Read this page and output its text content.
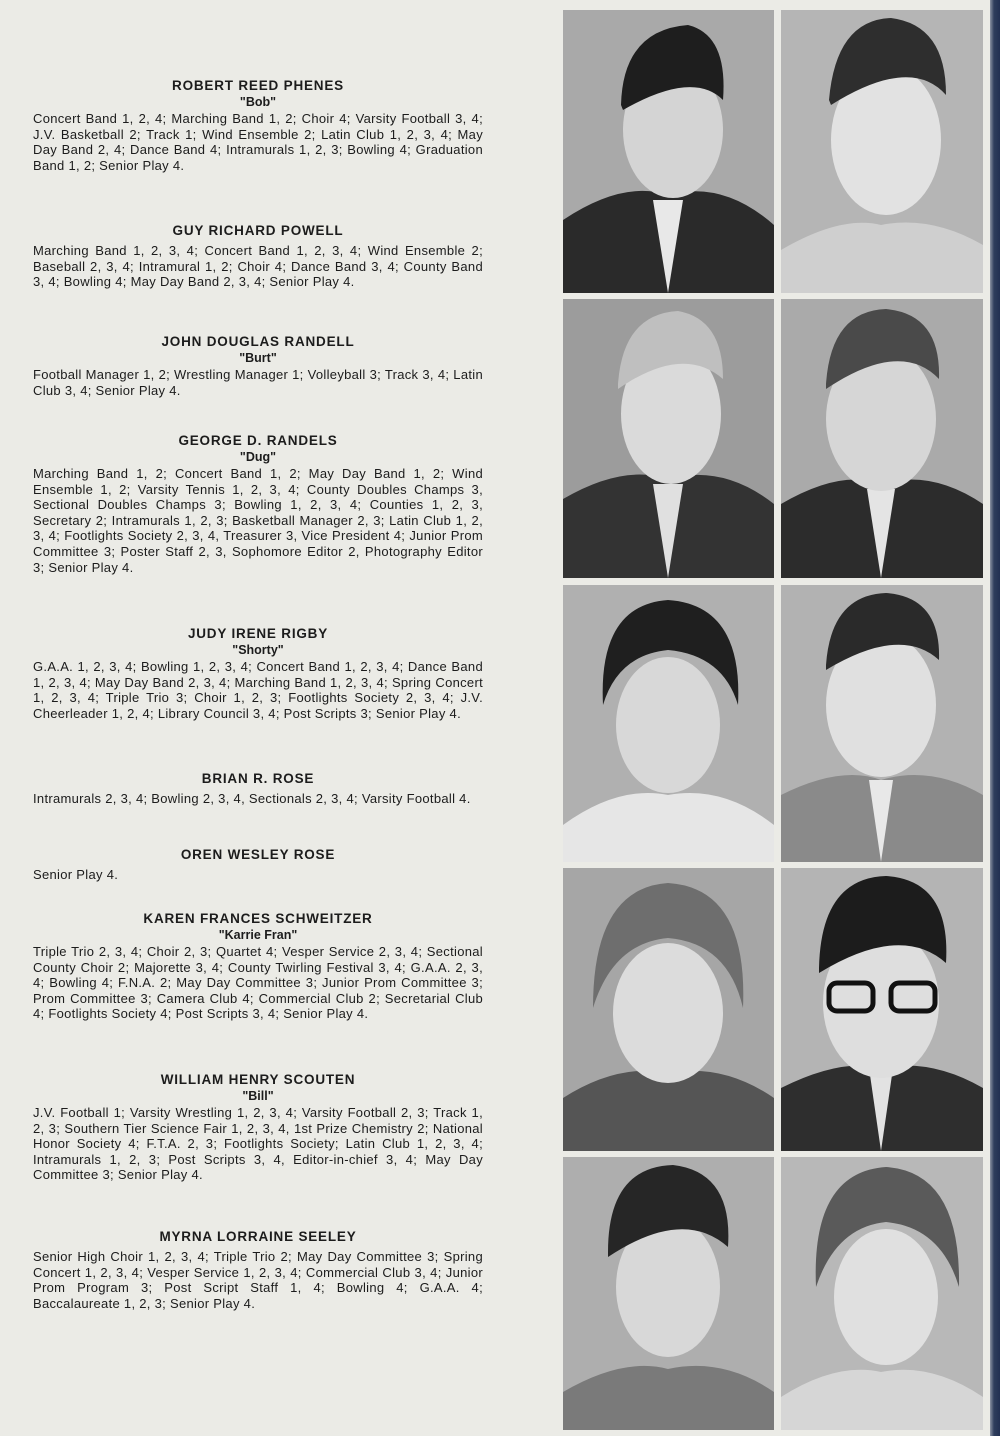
ROBERT REED PHENES
"Bob"
Concert Band 1, 2, 4; Marching Band 1, 2; Choir 4; Varsity Football 3, 4; J.V. Basketball 2; Track 1; Wind Ensemble 2; Latin Club 1, 2, 3, 4; May Day Band 2, 4; Dance Band 4; Intramurals 1, 2, 3; Bowling 4; Graduation Band 1, 2; Senior Play 4.
GUY RICHARD POWELL
Marching Band 1, 2, 3, 4; Concert Band 1, 2, 3, 4; Wind Ensemble 2; Baseball 2, 3, 4; Intramural 1, 2; Choir 4; Dance Band 3, 4; County Band 3, 4; Bowling 4; May Day Band 2, 3, 4; Senior Play 4.
JOHN DOUGLAS RANDELL
"Burt"
Football Manager 1, 2; Wrestling Manager 1; Volleyball 3; Track 3, 4; Latin Club 3, 4; Senior Play 4.
GEORGE D. RANDELS
"Dug"
Marching Band 1, 2; Concert Band 1, 2; May Day Band 1, 2; Wind Ensemble 1, 2; Varsity Tennis 1, 2, 3, 4; County Doubles Champs 3, Sectional Doubles Champs 3; Bowling 1, 2, 3, 4; Counties 1, 2, 3, Secretary 2; Intramurals 1, 2, 3; Basketball Manager 2, 3; Latin Club 1, 2, 3, 4; Footlights Society 2, 3, 4, Treasurer 3, Vice President 4; Junior Prom Committee 3; Poster Staff 2, 3, Sophomore Editor 2, Photography Editor 3; Senior Play 4.
JUDY IRENE RIGBY
"Shorty"
G.A.A. 1, 2, 3, 4; Bowling 1, 2, 3, 4; Concert Band 1, 2, 3, 4; Dance Band 1, 2, 3, 4; May Day Band 2, 3, 4; Marching Band 1, 2, 3, 4; Spring Concert 1, 2, 3, 4; Triple Trio 3; Choir 1, 2, 3; Footlights Society 2, 3, 4; J.V. Cheerleader 1, 2, 4; Library Council 3, 4; Post Scripts 3; Senior Play 4.
BRIAN R. ROSE
Intramurals 2, 3, 4; Bowling 2, 3, 4, Sectionals 2, 3, 4; Varsity Football 4.
OREN WESLEY ROSE
Senior Play 4.
KAREN FRANCES SCHWEITZER
"Karrie Fran"
Triple Trio 2, 3, 4; Choir 2, 3; Quartet 4; Vesper Service 2, 3, 4; Sectional County Choir 2; Majorette 3, 4; County Twirling Festival 3, 4; G.A.A. 2, 3, 4; Bowling 4; F.N.A. 2; May Day Committee 3; Junior Prom Committee 3; Prom Committee 3; Camera Club 4; Commercial Club 2; Secretarial Club 4; Footlights Society 4; Post Scripts 3, 4; Senior Play 4.
WILLIAM HENRY SCOUTEN
"Bill"
J.V. Football 1; Varsity Wrestling 1, 2, 3, 4; Varsity Football 2, 3; Track 1, 2, 3; Southern Tier Science Fair 1, 2, 3, 4, 1st Prize Chemistry 2; National Honor Society 4; F.T.A. 2, 3; Footlights Society; Latin Club 1, 2, 3, 4; Intramurals 1, 2, 3; Post Scripts 3, 4, Editor-in-chief 3, 4; May Day Committee 3; Senior Play 4.
MYRNA LORRAINE SEELEY
Senior High Choir 1, 2, 3, 4; Triple Trio 2; May Day Committee 3; Spring Concert 1, 2, 3, 4; Vesper Service 1, 2, 3, 4; Commercial Club 3, 4; Junior Prom Program 3; Post Script Staff 1, 4; Bowling 4; G.A.A. 4; Baccalaureate 1, 2, 3; Senior Play 4.
